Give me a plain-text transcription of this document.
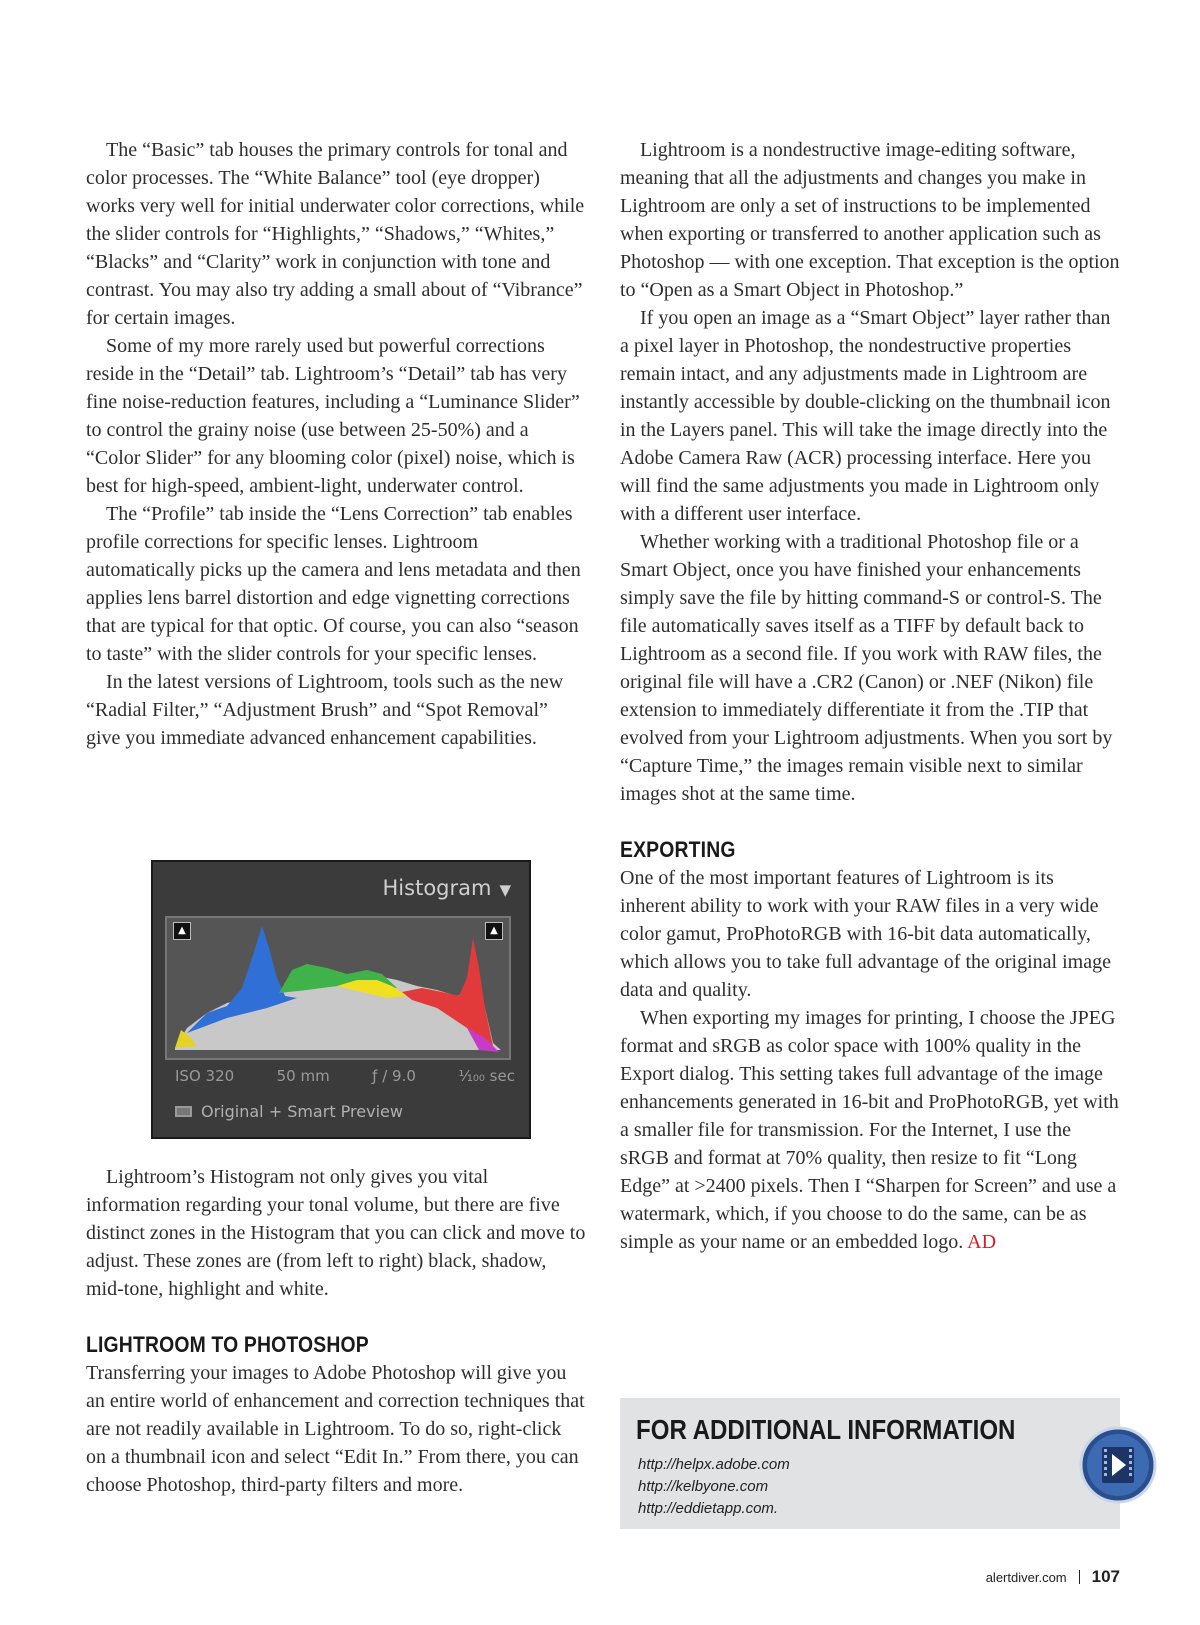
The “Basic” tab houses the primary controls for tonal and color processes. The “White Balance” tool (eye dropper) works very well for initial underwater color corrections, while the slider controls for “Highlights,” “Shadows,” “Whites,” “Blacks” and “Clarity” work in conjunction with tone and contrast. You may also try adding a small about of “Vibrance” for certain images.

Some of my more rarely used but powerful corrections reside in the “Detail” tab. Lightroom’s “Detail” tab has very fine noise-reduction features, including a “Luminance Slider” to control the grainy noise (use between 25-50%) and a “Color Slider” for any blooming color (pixel) noise, which is best for high-speed, ambient-light, underwater control.

The “Profile” tab inside the “Lens Correction” tab enables profile corrections for specific lenses. Lightroom automatically picks up the camera and lens metadata and then applies lens barrel distortion and edge vignetting corrections that are typical for that optic. Of course, you can also “season to taste” with the slider controls for your specific lenses.

In the latest versions of Lightroom, tools such as the new “Radial Filter,” “Adjustment Brush” and “Spot Removal” give you immediate advanced enhancement capabilities.

Histogram ▼
▲	▲
ISO 320	50 mm	ƒ / 9.0	¹⁄₁₀₀ sec
Original + Smart Preview

Lightroom’s Histogram not only gives you vital information regarding your tonal volume, but there are five distinct zones in the Histogram that you can click and move to adjust. These zones are (from left to right) black, shadow, mid-tone, highlight and white.

LIGHTROOM TO PHOTOSHOP

Transferring your images to Adobe Photoshop will give you an entire world of enhancement and correction techniques that are not readily available in Lightroom. To do so, right-click on a thumbnail icon and select “Edit In.” From there, you can choose Photoshop, third-party filters and more.

Lightroom is a nondestructive image-editing software, meaning that all the adjustments and changes you make in Lightroom are only a set of instructions to be implemented when exporting or transferred to another application such as Photoshop — with one exception. That exception is the option to “Open as a Smart Object in Photoshop.”

If you open an image as a “Smart Object” layer rather than a pixel layer in Photoshop, the nondestructive properties remain intact, and any adjustments made in Lightroom are instantly accessible by double-clicking on the thumbnail icon in the Layers panel. This will take the image directly into the Adobe Camera Raw (ACR) processing interface. Here you will find the same adjustments you made in Lightroom only with a different user interface.

Whether working with a traditional Photoshop file or a Smart Object, once you have finished your enhancements simply save the file by hitting command-S or control-S. The file automatically saves itself as a TIFF by default back to Lightroom as a second file. If you work with RAW files, the original file will have a .CR2 (Canon) or .NEF (Nikon) file extension to immediately differentiate it from the .TIP that evolved from your Lightroom adjustments. When you sort by “Capture Time,” the images remain visible next to similar images shot at the same time.

EXPORTING

One of the most important features of Lightroom is its inherent ability to work with your RAW files in a very wide color gamut, ProPhotoRGB with 16-bit data automatically, which allows you to take full advantage of the original image data and quality.

When exporting my images for printing, I choose the JPEG format and sRGB as color space with 100% quality in the Export dialog. This setting takes full advantage of the image enhancements generated in 16-bit and ProPhotoRGB, yet with a smaller file for transmission. For the Internet, I use the sRGB and format at 70% quality, then resize to fit “Long Edge” at >2400 pixels. Then I “Sharpen for Screen” and use a watermark, which, if you choose to do the same, can be as simple as your name or an embedded logo. AD

FOR ADDITIONAL INFORMATION
http://helpx.adobe.com
http://kelbyone.com
http://eddietapp.com.
alertdiver.com 107
